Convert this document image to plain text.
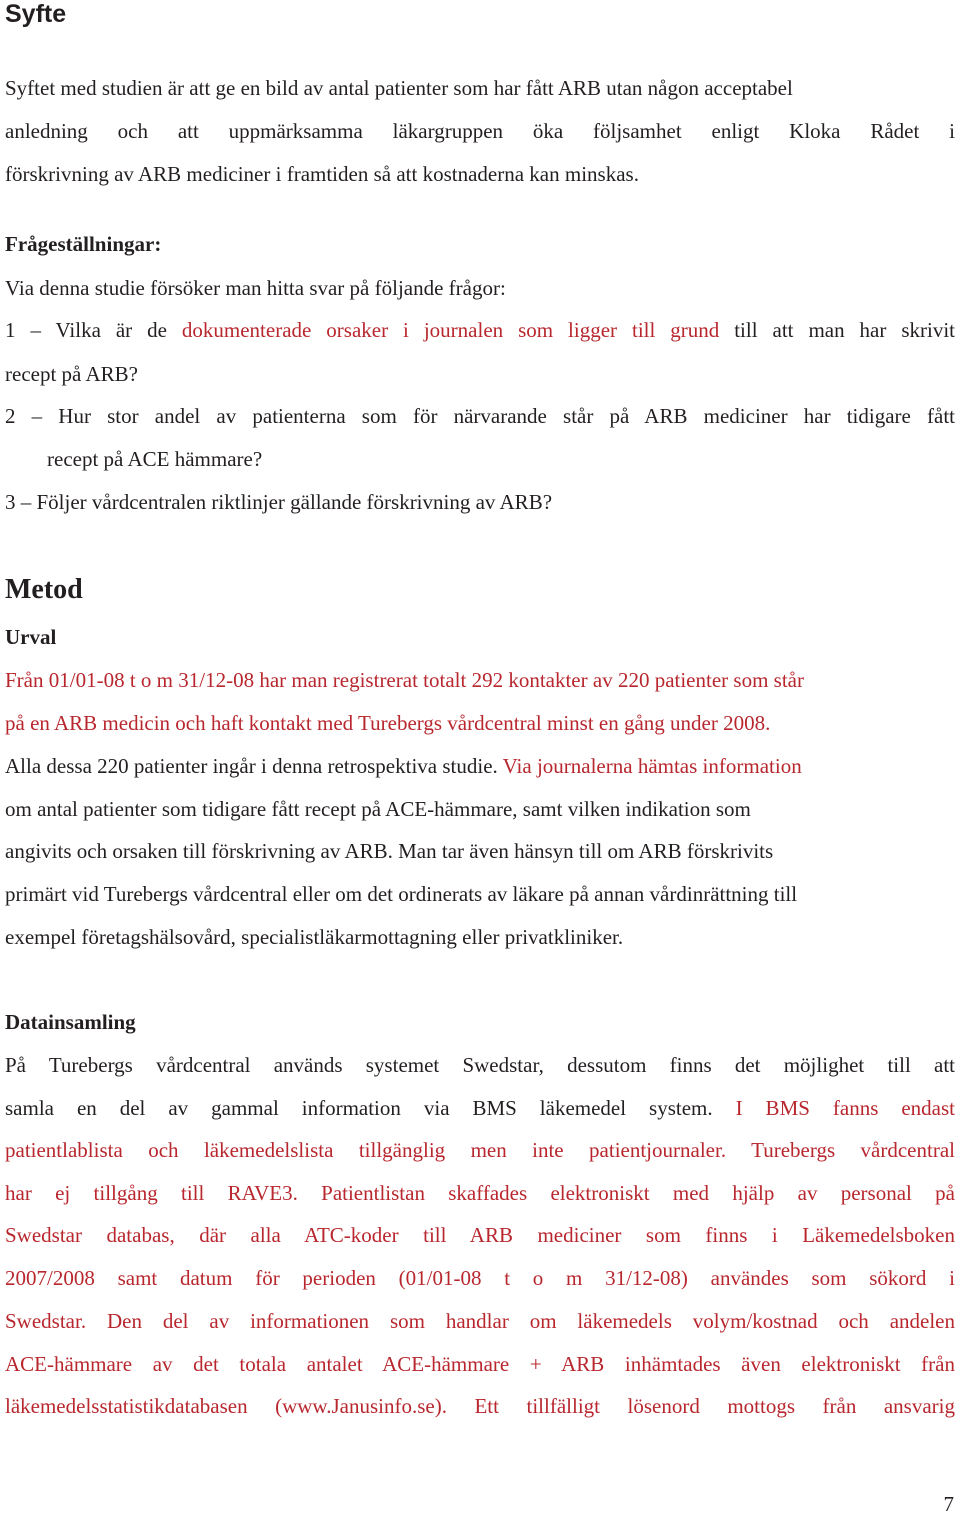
Syfte
Syftet med studien är att ge en bild av antal patienter som har fått ARB utan någon acceptabel
anledning och att uppmärksamma läkargruppen öka följsamhet enligt Kloka Rådet i
förskrivning av ARB mediciner i framtiden så att kostnaderna kan minskas.
Frågeställningar:
Via denna studie försöker man hitta svar på följande frågor:
1 – Vilka är de dokumenterade orsaker i journalen som ligger till grund till att man har skrivit
recept på ARB?
2 – Hur stor andel av patienterna som för närvarande står på ARB mediciner har tidigare fått
recept på ACE hämmare?
3 – Följer vårdcentralen riktlinjer gällande förskrivning av ARB?
Metod
Urval
Från 01/01-08 t o m 31/12-08 har man registrerat totalt 292 kontakter av 220 patienter som står
på en ARB medicin och haft kontakt med Turebergs vårdcentral minst en gång under 2008.
Alla dessa 220 patienter ingår i denna retrospektiva studie. Via journalerna hämtas information
om antal patienter som tidigare fått recept på ACE-hämmare, samt vilken indikation som
angivits och orsaken till förskrivning av ARB. Man tar även hänsyn till om ARB förskrivits
primärt vid Turebergs vårdcentral eller om det ordinerats av läkare på annan vårdinrättning till
exempel företagshälsovård, specialistläkarmottagning eller privatkliniker.
Datainsamling
På Turebergs vårdcentral används systemet Swedstar, dessutom finns det möjlighet till att
samla en del av gammal information via BMS läkemedel system. I BMS fanns endast
patientlablista och läkemedelslista tillgänglig men inte patientjournaler. Turebergs vårdcentral
har ej tillgång till RAVE3. Patientlistan skaffades elektroniskt med hjälp av personal på
Swedstar databas, där alla ATC-koder till ARB mediciner som finns i Läkemedelsboken
2007/2008 samt datum för perioden (01/01-08 t o m 31/12-08) användes som sökord i
Swedstar. Den del av informationen som handlar om läkemedels volym/kostnad och andelen
ACE-hämmare av det totala antalet ACE-hämmare + ARB inhämtades även elektroniskt från
läkemedelsstatistikdatabasen (www.Janusinfo.se). Ett tillfälligt lösenord mottogs från ansvarig
7
